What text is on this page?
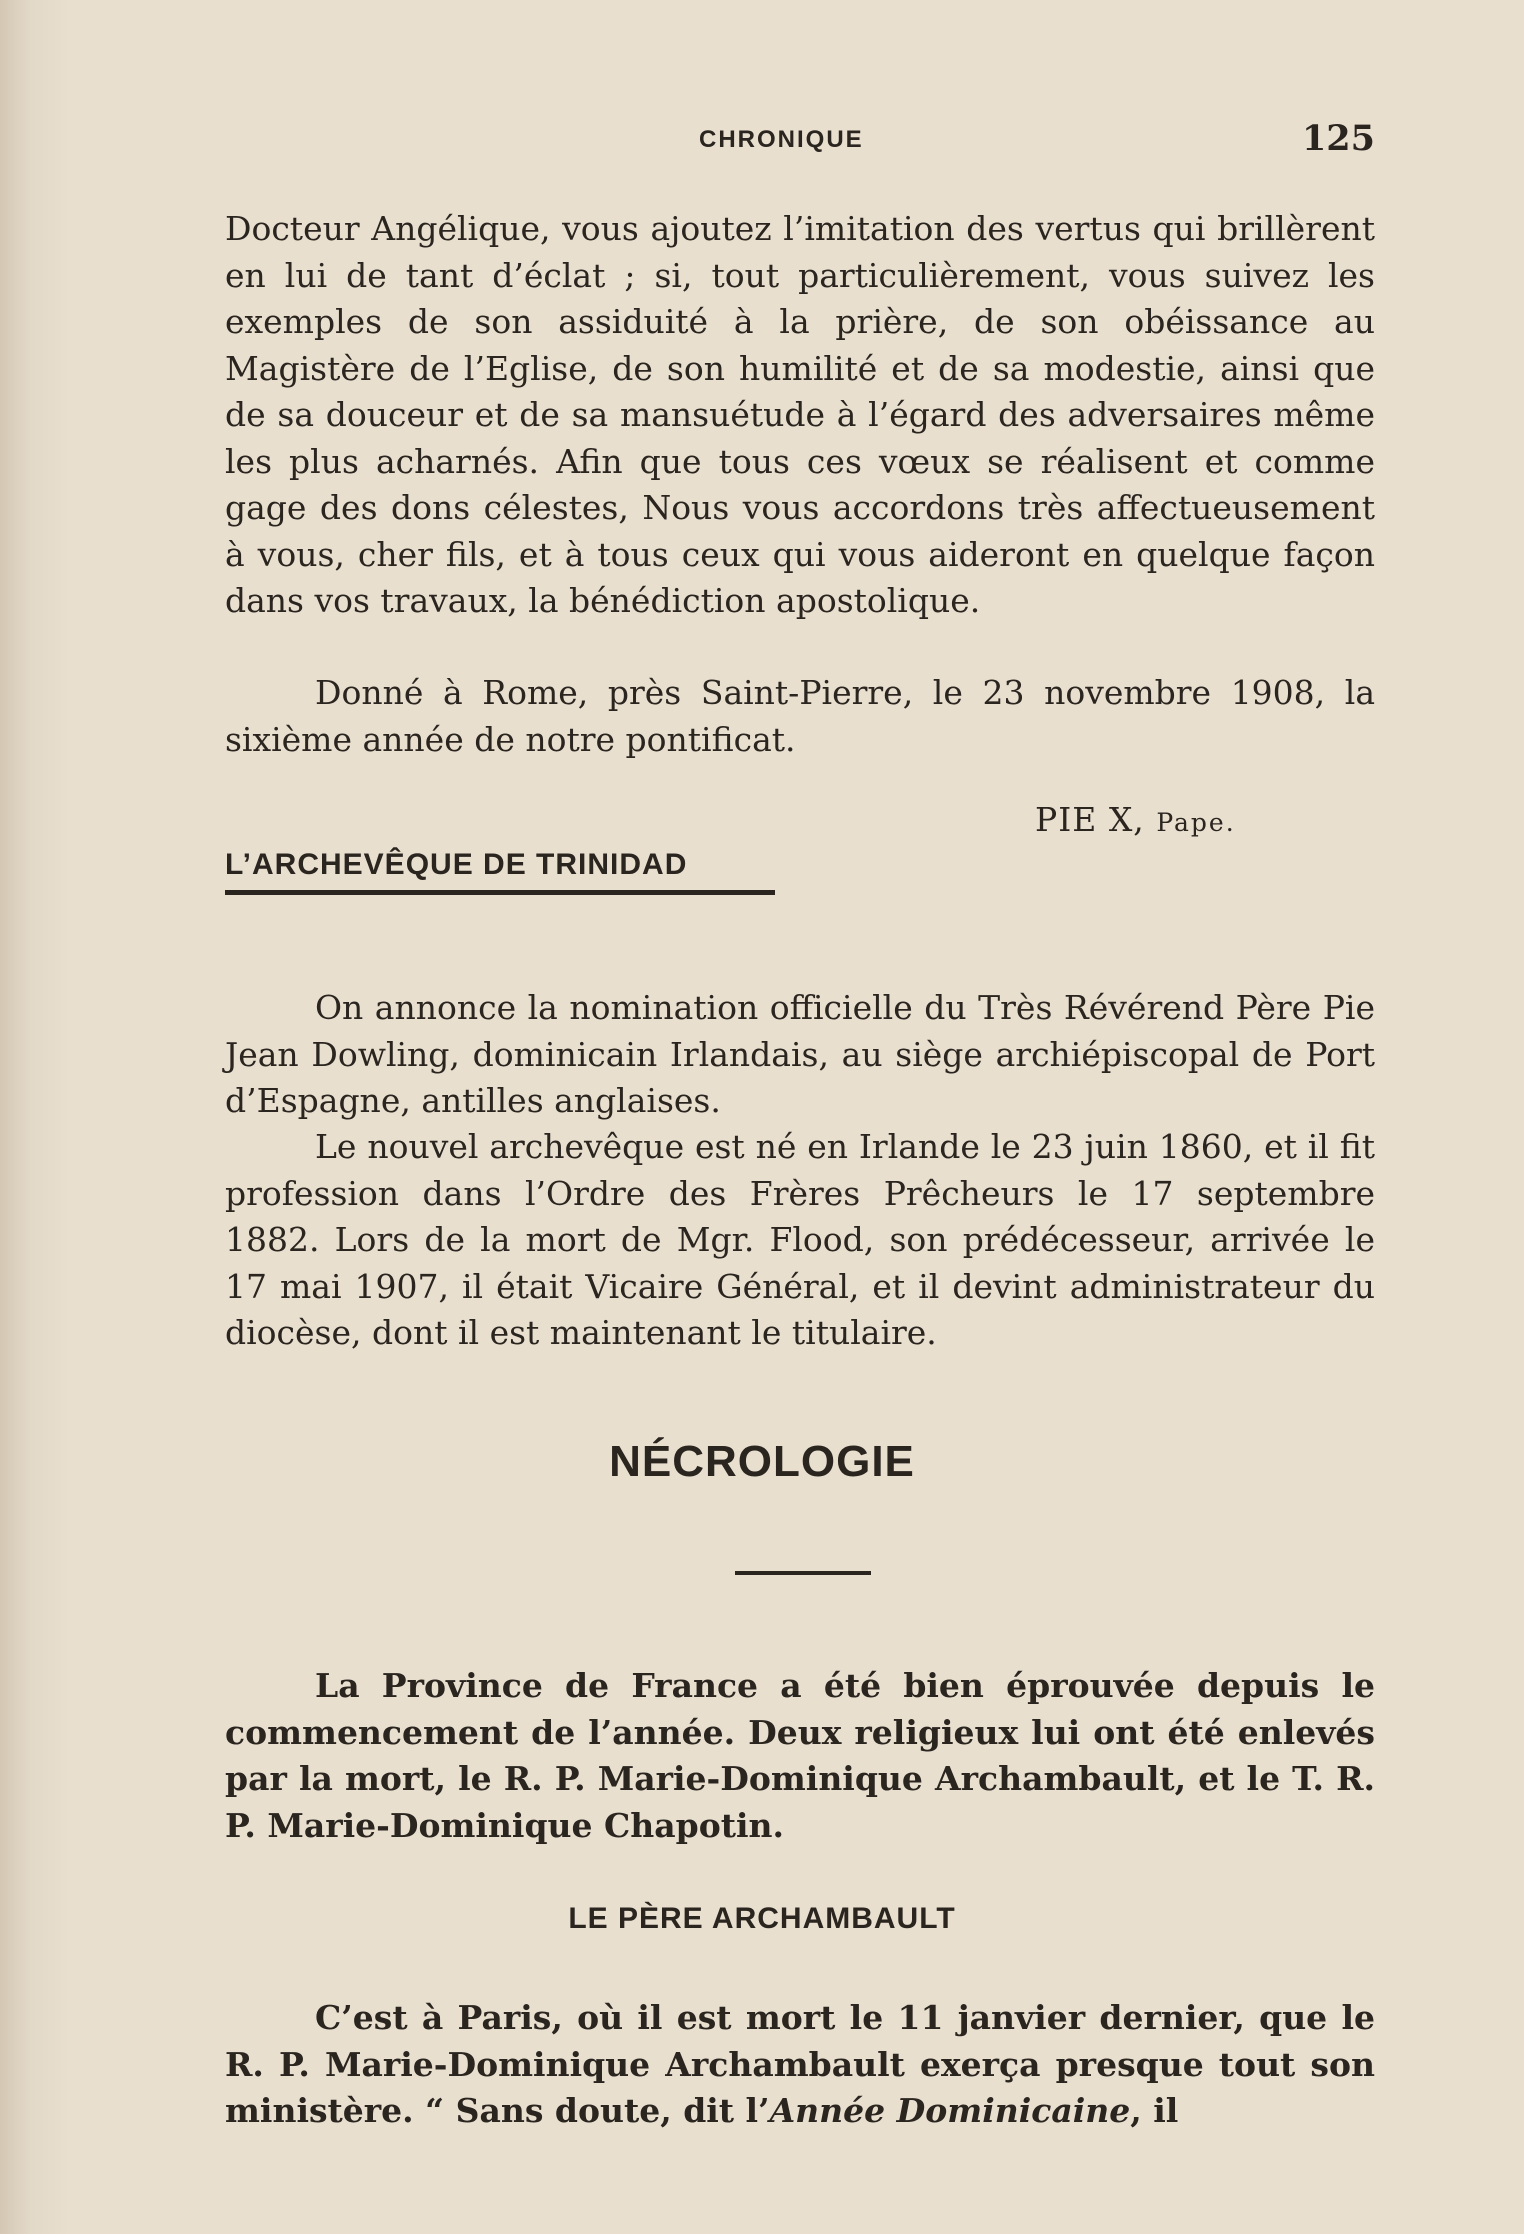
CHRONIQUE	125

Docteur Angélique, vous ajoutez l’imitation des vertus qui brillèrent en lui de tant d’éclat ; si, tout particulièrement, vous suivez les exemples de son assiduité à la prière, de son obéissance au Magistère de l’Eglise, de son humilité et de sa modestie, ainsi que de sa douceur et de sa mansuétude à l’égard des adversaires même les plus acharnés. Afin que tous ces vœux se réalisent et comme gage des dons célestes, Nous vous accordons très affectueusement à vous, cher fils, et à tous ceux qui vous aideront en quelque façon dans vos travaux, la bénédiction apostolique.

Donné à Rome, près Saint-Pierre, le 23 novembre 1908, la sixième année de notre pontificat.

PIE X, Pape.
L’ARCHEVÊQUE DE TRINIDAD

On annonce la nomination officielle du Très Révérend Père Pie Jean Dowling, dominicain Irlandais, au siège archiépiscopal de Port d’Espagne, antilles anglaises.

Le nouvel archevêque est né en Irlande le 23 juin 1860, et il fit profession dans l’Ordre des Frères Prêcheurs le 17 septembre 1882. Lors de la mort de Mgr. Flood, son prédécesseur, arrivée le 17 mai 1907, il était Vicaire Général, et il devint administrateur du diocèse, dont il est maintenant le titulaire.

NÉCROLOGIE

La Province de France a été bien éprouvée depuis le commencement de l’année. Deux religieux lui ont été enlevés par la mort, le R. P. Marie-Dominique Archambault, et le T. R. P. Marie-Dominique Chapotin.

LE PÈRE ARCHAMBAULT

C’est à Paris, où il est mort le 11 janvier dernier, que le R. P. Marie-Dominique Archambault exerça presque tout son ministère. “ Sans doute, dit l’Année Dominicaine, il
